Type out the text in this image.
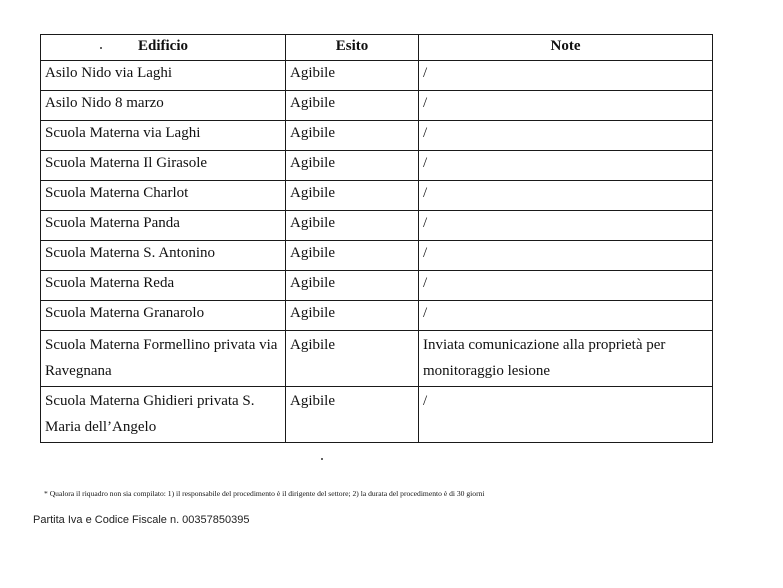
Edificio	Esito	Note
Asilo Nido via Laghi	Agibile	/
Asilo Nido 8 marzo	Agibile	/
Scuola Materna via Laghi	Agibile	/
Scuola Materna Il Girasole	Agibile	/
Scuola Materna Charlot	Agibile	/
Scuola Materna Panda	Agibile	/
Scuola Materna S. Antonino	Agibile	/
Scuola Materna Reda	Agibile	/
Scuola Materna Granarolo	Agibile	/
Scuola Materna Formellino privata via Ravegnana	Agibile	Inviata comunicazione alla proprietà per monitoraggio lesione
Scuola Materna Ghidieri privata S. Maria dell’Angelo	Agibile	/
* Qualora il riquadro non sia compilato: 1) il responsabile del procedimento è il dirigente del settore; 2) la durata del procedimento è di 30 giorni
Partita Iva e Codice Fiscale n. 00357850395
